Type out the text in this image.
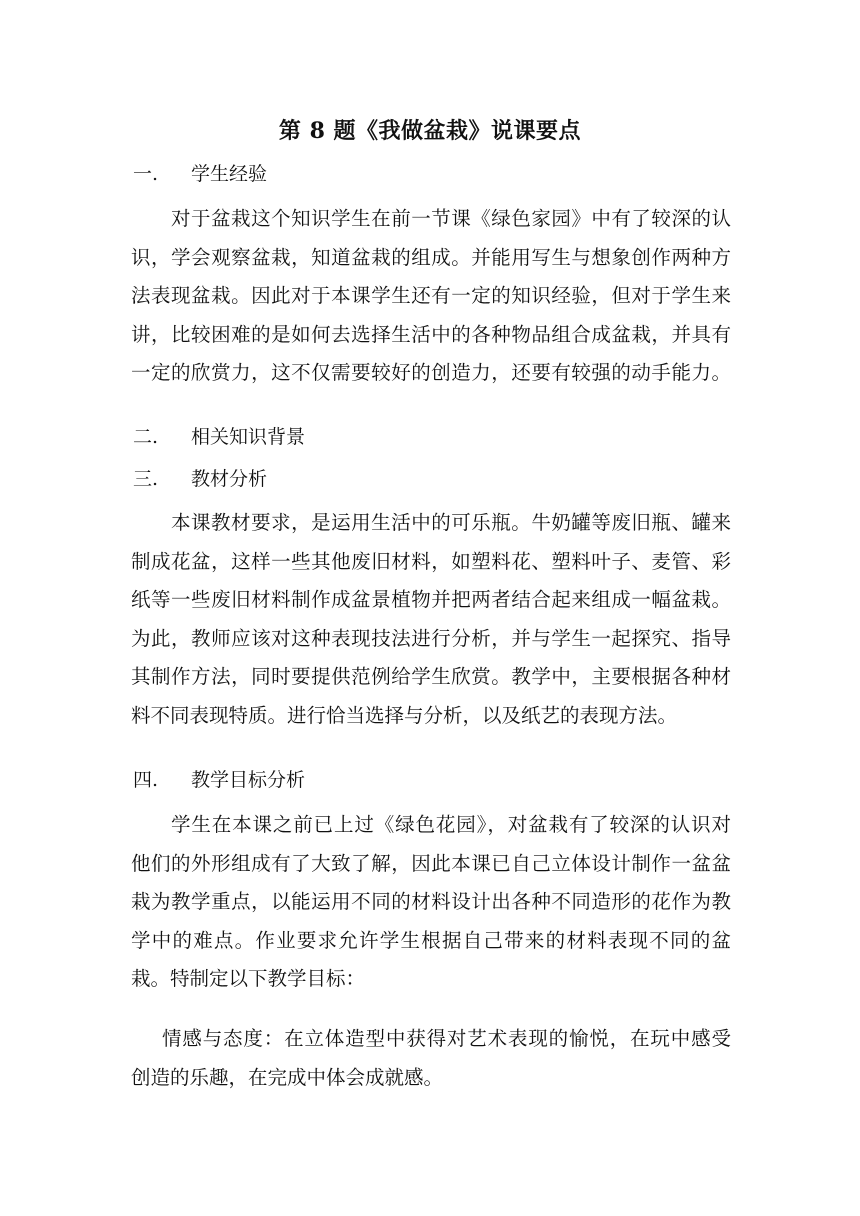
第 8 题《我做盆栽》说课要点
一. 学生经验
对于盆栽这个知识学生在前一节课《绿色家园》中有了较深的认
识，学会观察盆栽，知道盆栽的组成。并能用写生与想象创作两种方
法表现盆栽。因此对于本课学生还有一定的知识经验，但对于学生来
讲，比较困难的是如何去选择生活中的各种物品组合成盆栽，并具有
一定的欣赏力，这不仅需要较好的创造力，还要有较强的动手能力。
二. 相关知识背景
三. 教材分析
本课教材要求，是运用生活中的可乐瓶。牛奶罐等废旧瓶、罐来
制成花盆，这样一些其他废旧材料，如塑料花、塑料叶子、麦管、彩
纸等一些废旧材料制作成盆景植物并把两者结合起来组成一幅盆栽。
为此，教师应该对这种表现技法进行分析，并与学生一起探究、指导
其制作方法，同时要提供范例给学生欣赏。教学中，主要根据各种材
料不同表现特质。进行恰当选择与分析，以及纸艺的表现方法。
四. 教学目标分析
学生在本课之前已上过《绿色花园》，对盆栽有了较深的认识对
他们的外形组成有了大致了解，因此本课已自己立体设计制作一盆盆
栽为教学重点，以能运用不同的材料设计出各种不同造形的花作为教
学中的难点。作业要求允许学生根据自己带来的材料表现不同的盆
栽。特制定以下教学目标：
情感与态度：在立体造型中获得对艺术表现的愉悦，在玩中感受
创造的乐趣，在完成中体会成就感。
